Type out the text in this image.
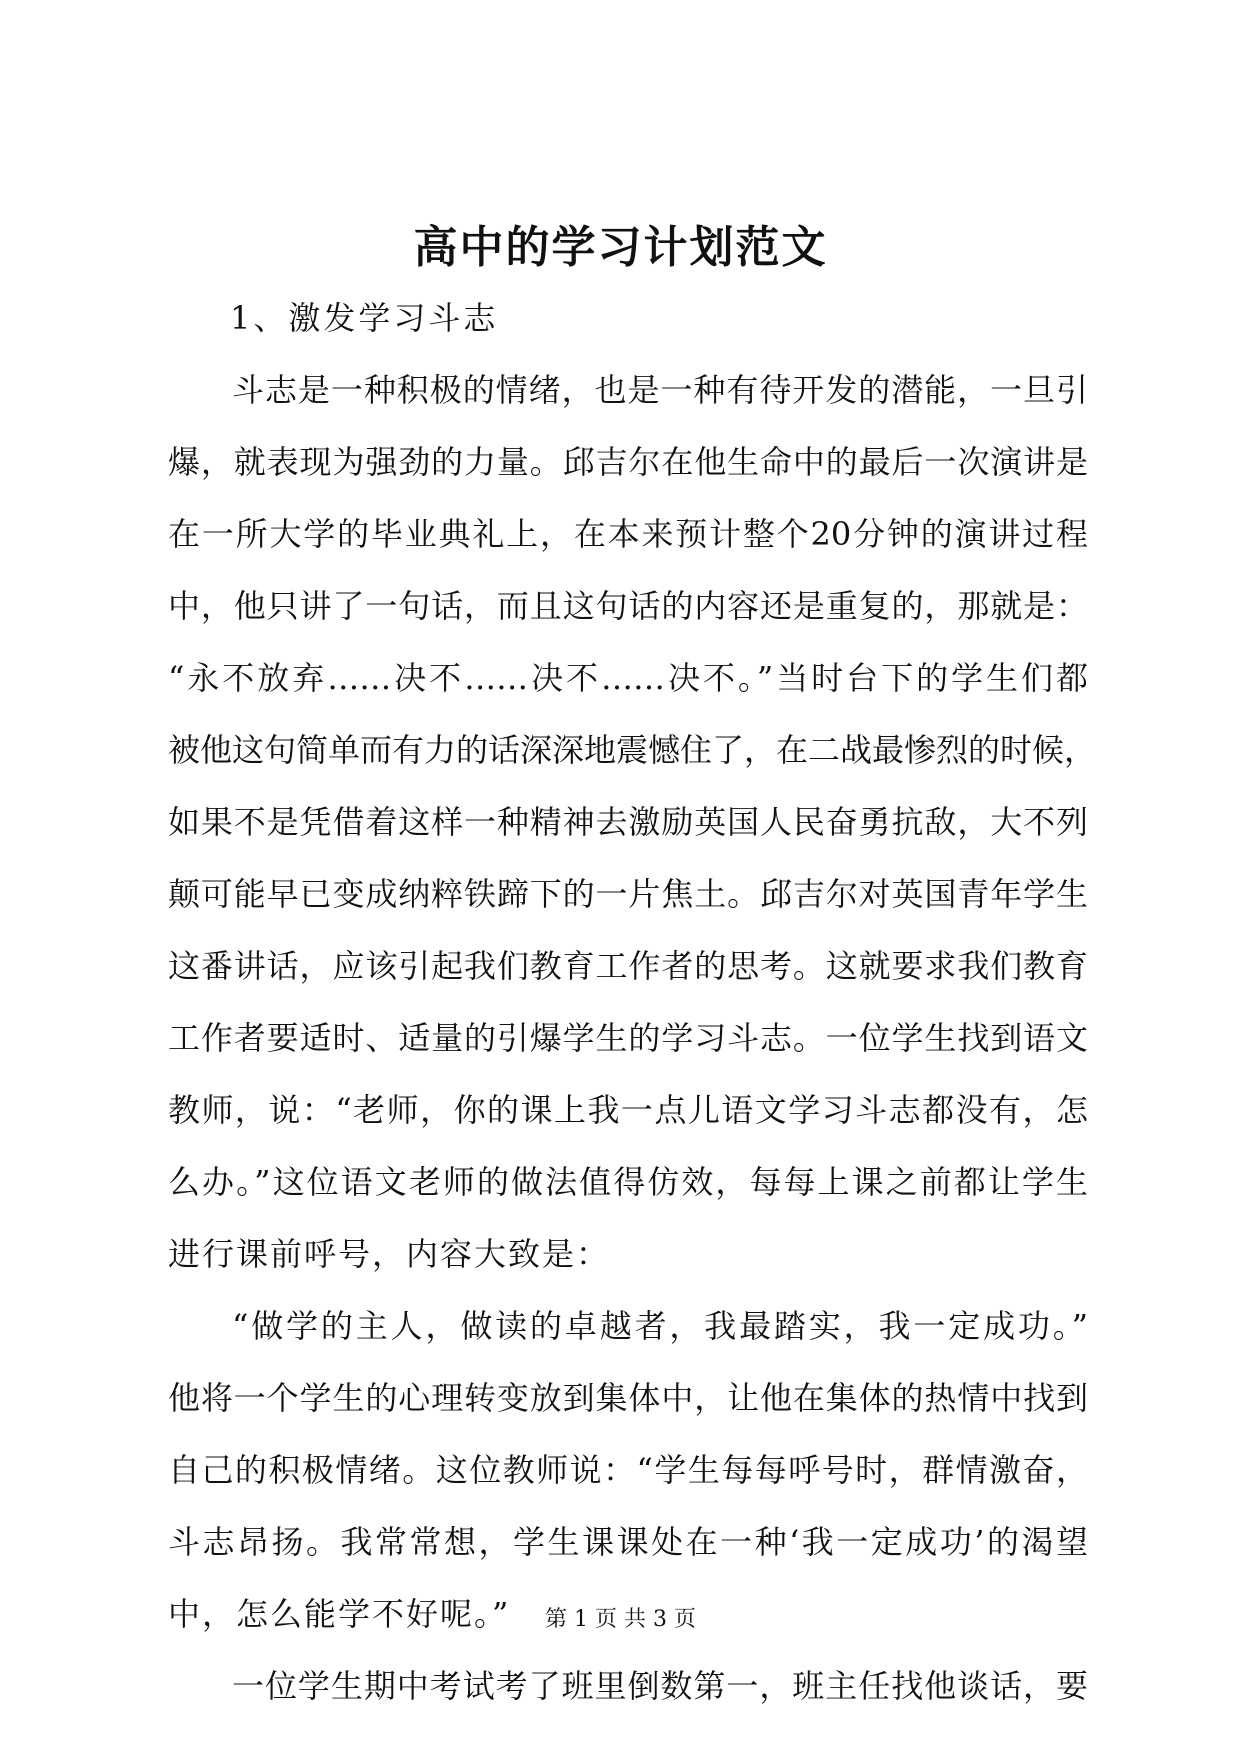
高中的学习计划范文

1、激发学习斗志

斗志是一种积极的情绪，也是一种有待开发的潜能，一旦引
爆，就表现为强劲的力量。邱吉尔在他生命中的最后一次演讲是
在一所大学的毕业典礼上，在本来预计整个20分钟的演讲过程
中，他只讲了一句话，而且这句话的内容还是重复的，那就是：
“永不放弃……决不……决不……决不。”当时台下的学生们都
被他这句简单而有力的话深深地震憾住了，在二战最惨烈的时候，
如果不是凭借着这样一种精神去激励英国人民奋勇抗敌，大不列
颠可能早已变成纳粹铁蹄下的一片焦土。邱吉尔对英国青年学生
这番讲话，应该引起我们教育工作者的思考。这就要求我们教育
工作者要适时、适量的引爆学生的学习斗志。一位学生找到语文
教师，说：“老师，你的课上我一点儿语文学习斗志都没有，怎
么办。”这位语文老师的做法值得仿效，每每上课之前都让学生
进行课前呼号，内容大致是：
“做学的主人，做读的卓越者，我最踏实，我一定成功。”
他将一个学生的心理转变放到集体中，让他在集体的热情中找到
自己的积极情绪。这位教师说：“学生每每呼号时，群情激奋，
斗志昂扬。我常常想，学生课课处在一种‘我一定成功’的渴望
中，怎么能学不好呢。”
一位学生期中考试考了班里倒数第一，班主任找他谈话，要

第 1 页 共 3 页
